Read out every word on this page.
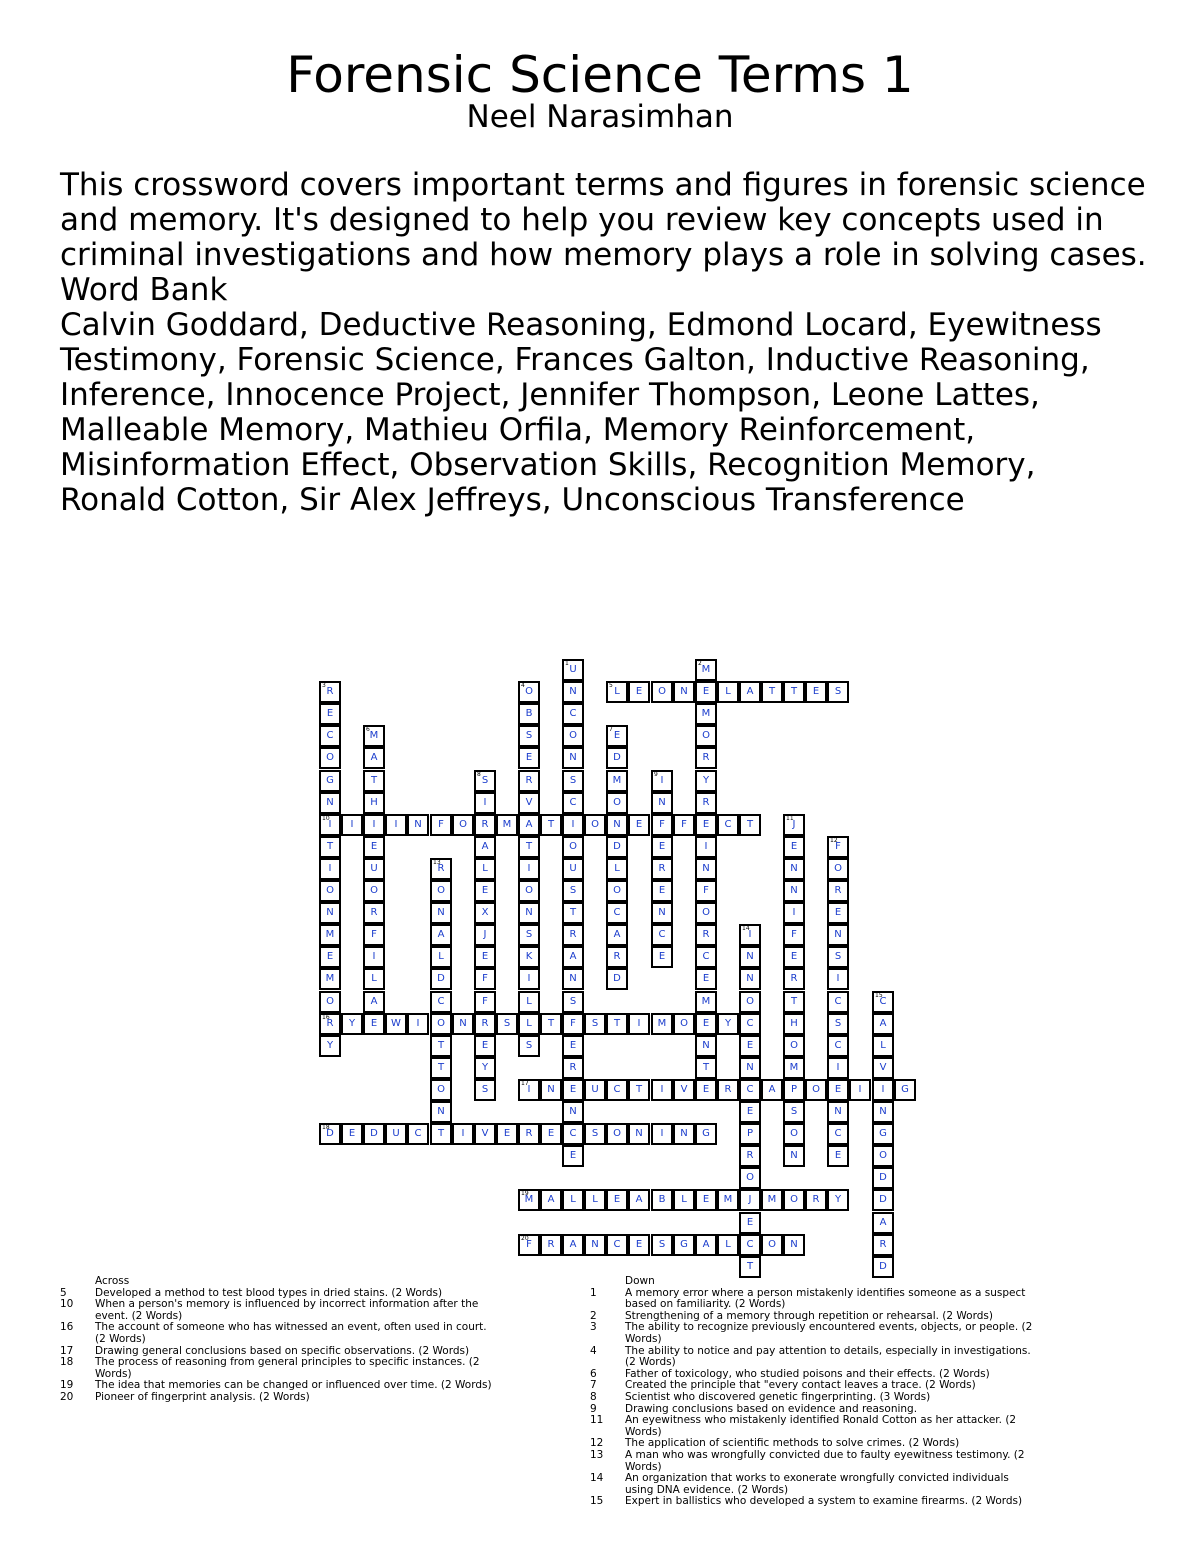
Forensic Science Terms 1
Neel Narasimhan
This crossword covers important terms and figures in forensic science and memory. It's designed to help you review key concepts used in criminal investigations and how memory plays a role in solving cases.
Word Bank
Calvin Goddard, Deductive Reasoning, Edmond Locard, Eyewitness Testimony, Forensic Science, Frances Galton, Inductive Reasoning, Inference, Innocence Project, Jennifer Thompson, Leone Lattes, Malleable Memory, Mathieu Orfila, Memory Reinforcement, Misinformation Effect, Observation Skills, Recognition Memory, Ronald Cotton, Sir Alex Jeffreys, Unconscious Transference
1
U
N
C
O
N
S
C
I
O
U
S
T
R
A
N
S
F
E
R
E
N
C
E
2
M
E
M
O
R
Y
R
E
I
N
F
O
R
C
E
M
E
N
T
3
R
E
C
O
G
N
10
I
T
I
O
N
M
E
M
O
16
R
Y
4
O
B
S
E
R
V
A
T
I
O
N
S
K
I
L
L
S
5
L	E	O	N	L	A	T	T	E	S
6
M
A
T
H
I
E
U
O
R
F
I
L
A
7
E
D
M
O
N
D
L
O
C
A
R
D
8
S
I
R
A
L
E
X
J
E
F
F
R
E
Y
S
9
I
N
F
E
R
E
N
C
E
I	I	N	F	O	M	T	O	E	F	C	T
11
J
E
N
N
I
F
E
R
T
H
O
M
P
S
O
N
12
F
O
R
E
N
S
I
C
S
C
I
E
N
C
E
13
R
O
N
A
L
D
C
O
T
T
O
N
14
I
N
N
O
C
E
N
C
E
P
R
O
J
E
C
T
15
C
A
L
V
I
N
G
O
D
D
A
R
D
Y	E	W	I	N	S	T	S	T	I	M	O	Y
17
I	N	U	C	T	I	V	E	R	A	O	I	G
18
D	E	D	U	C	T	I	V	E	R	E	S	O	N	I	N	G
19
M	A	L	L	E	A	B	L	E	M	M	O	R	Y
20
F	R	A	N	C	E	S	G	A	L	O	N
Across
5	Developed a method to test blood types in dried stains. (2 Words)
10	When a person's memory is influenced by incorrect information after the event. (2 Words)
16	The account of someone who has witnessed an event, often used in court. (2 Words)
17	Drawing general conclusions based on specific observations. (2 Words)
18	The process of reasoning from general principles to specific instances. (2 Words)
19	The idea that memories can be changed or influenced over time. (2 Words)
20	Pioneer of fingerprint analysis. (2 Words)
Down
1	A memory error where a person mistakenly identifies someone as a suspect based on familiarity. (2 Words)
2	Strengthening of a memory through repetition or rehearsal. (2 Words)
3	The ability to recognize previously encountered events, objects, or people. (2 Words)
4	The ability to notice and pay attention to details, especially in investigations. (2 Words)
6	Father of toxicology, who studied poisons and their effects. (2 Words)
7	Created the principle that "every contact leaves a trace. (2 Words)
8	Scientist who discovered genetic fingerprinting. (3 Words)
9	Drawing conclusions based on evidence and reasoning.
11	An eyewitness who mistakenly identified Ronald Cotton as her attacker. (2 Words)
12	The application of scientific methods to solve crimes. (2 Words)
13	A man who was wrongfully convicted due to faulty eyewitness testimony. (2 Words)
14	An organization that works to exonerate wrongfully convicted individuals using DNA evidence. (2 Words)
15	Expert in ballistics who developed a system to examine firearms. (2 Words)
